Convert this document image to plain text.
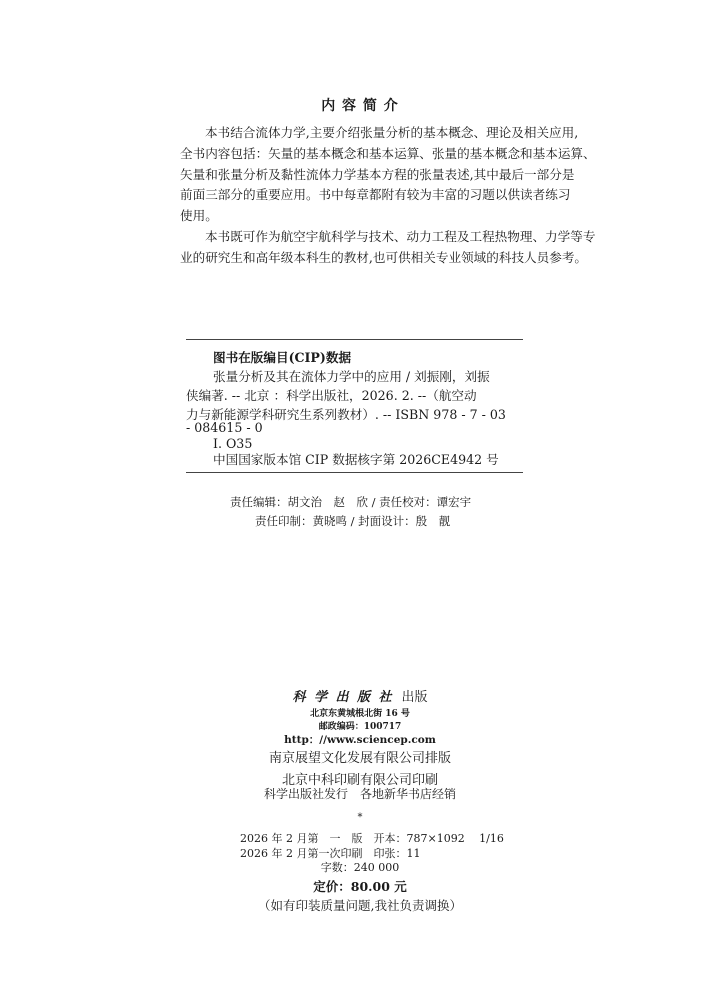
内 容 简 介
本书结合流体力学,主要介绍张量分析的基本概念、理论及相关应用,
全书内容包括：矢量的基本概念和基本运算、张量的基本概念和基本运算、
矢量和张量分析及黏性流体力学基本方程的张量表述,其中最后一部分是
前面三部分的重要应用。书中每章都附有较为丰富的习题以供读者练习
使用。
本书既可作为航空宇航科学与技术、动力工程及工程热物理、力学等专
业的研究生和高年级本科生的教材,也可供相关专业领域的科技人员参考。
图书在版编目(CIP)数据
张量分析及其在流体力学中的应用 / 刘振刚，刘振
侠编著. -- 北京 ：科学出版社，2026. 2. --（航空动
力与新能源学科研究生系列教材）. -- ISBN 978 - 7 - 03
- 084615 - 0
Ⅰ. O35
中国国家版本馆 CIP 数据核字第 2026CE4942 号
责任编辑：胡文治　赵　欣 / 责任校对：谭宏宇
责任印制：黄晓鸣 / 封面设计：殷　靓
科 学 出 版 社 出版
北京东黄城根北街 16 号
邮政编码：100717
http：//www.sciencep.com
南京展望文化发展有限公司排版
北京中科印刷有限公司印刷
科学出版社发行　各地新华书店经销
*
2026 年 2 月第　一　版　开本：787×1092　 1/16
2026 年 2 月第一次印刷　印张：11
字数：240 000
定价：80.00 元
（如有印装质量问题,我社负责调换）
